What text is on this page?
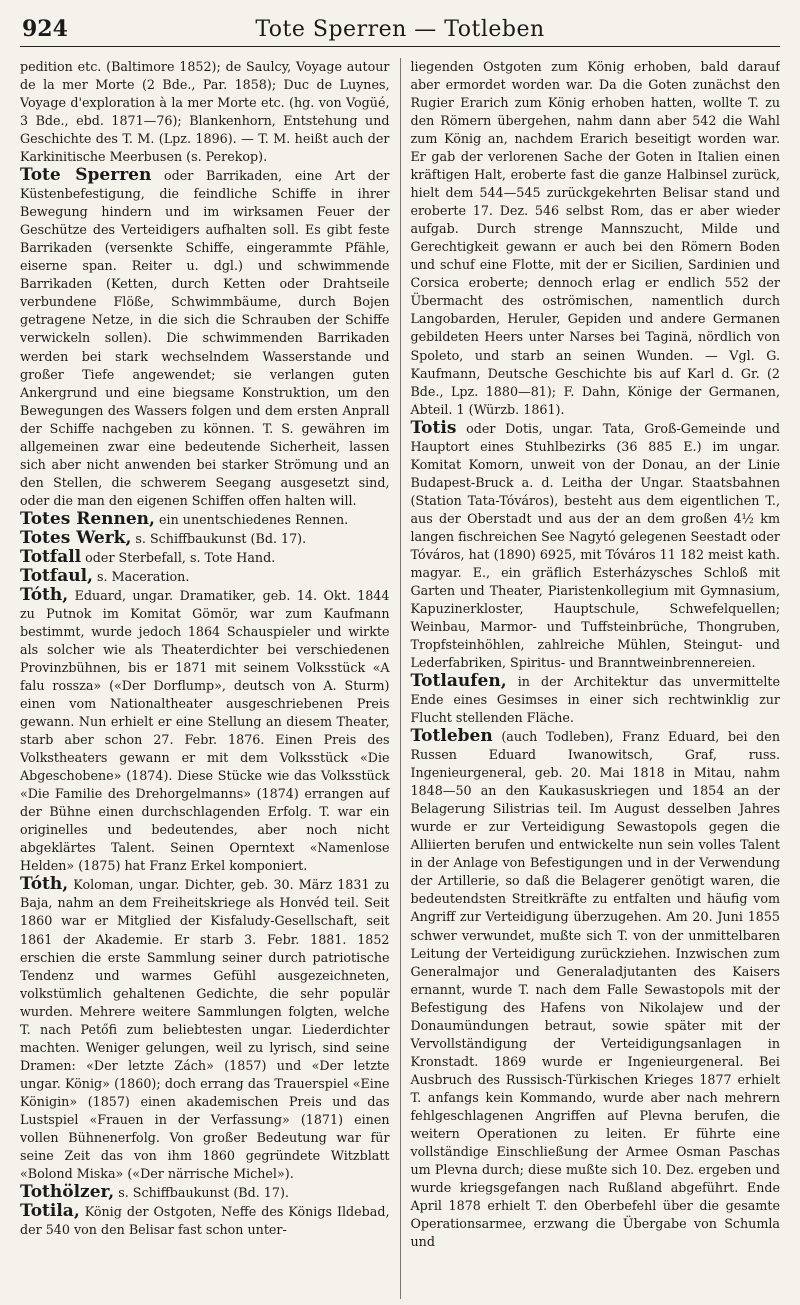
924	Tote Sperren — Totleben

pedition etc. (Baltimore 1852); de Saulcy, Voyage autour de la mer Morte (2 Bde., Par. 1858); Duc de Luynes, Voyage d'exploration à la mer Morte etc. (hg. von Vogüé, 3 Bde., ebd. 1871—76); Blankenhorn, Entstehung und Geschichte des T. M. (Lpz. 1896). — T. M. heißt auch der Karkinitische Meerbusen (s. Perekop).

Tote Sperren oder Barrikaden, eine Art der Küstenbefestigung, die feindliche Schiffe in ihrer Bewegung hindern und im wirksamen Feuer der Geschütze des Verteidigers aufhalten soll. Es gibt feste Barrikaden (versenkte Schiffe, eingerammte Pfähle, eiserne span. Reiter u. dgl.) und schwimmende Barrikaden (Ketten, durch Ketten oder Drahtseile verbundene Flöße, Schwimmbäume, durch Bojen getragene Netze, in die sich die Schrauben der Schiffe verwickeln sollen). Die schwimmenden Barrikaden werden bei stark wechselndem Wasserstande und großer Tiefe angewendet; sie verlangen guten Ankergrund und eine biegsame Konstruktion, um den Bewegungen des Wassers folgen und dem ersten Anprall der Schiffe nachgeben zu können. T. S. gewähren im allgemeinen zwar eine bedeutende Sicherheit, lassen sich aber nicht anwenden bei starker Strömung und an den Stellen, die schwerem Seegang ausgesetzt sind, oder die man den eigenen Schiffen offen halten will.

Totes Rennen, ein unentschiedenes Rennen.

Totes Werk, s. Schiffbaukunst (Bd. 17).

Totfall oder Sterbefall, s. Tote Hand.

Totfaul, s. Maceration.

Tóth, Eduard, ungar. Dramatiker, geb. 14. Okt. 1844 zu Putnok im Komitat Gömör, war zum Kaufmann bestimmt, wurde jedoch 1864 Schauspieler und wirkte als solcher wie als Theaterdichter bei verschiedenen Provinzbühnen, bis er 1871 mit seinem Volksstück «A falu rossza» («Der Dorflump», deutsch von A. Sturm) einen vom Nationaltheater ausgeschriebenen Preis gewann. Nun erhielt er eine Stellung an diesem Theater, starb aber schon 27. Febr. 1876. Einen Preis des Volkstheaters gewann er mit dem Volksstück «Die Abgeschobene» (1874). Diese Stücke wie das Volksstück «Die Familie des Drehorgelmanns» (1874) errangen auf der Bühne einen durchschlagenden Erfolg. T. war ein originelles und bedeutendes, aber noch nicht abgeklärtes Talent. Seinen Operntext «Namenlose Helden» (1875) hat Franz Erkel komponiert.

Tóth, Koloman, ungar. Dichter, geb. 30. März 1831 zu Baja, nahm an dem Freiheitskriege als Honvéd teil. Seit 1860 war er Mitglied der Kisfaludy-Gesellschaft, seit 1861 der Akademie. Er starb 3. Febr. 1881. 1852 erschien die erste Sammlung seiner durch patriotische Tendenz und warmes Gefühl ausgezeichneten, volkstümlich gehaltenen Gedichte, die sehr populär wurden. Mehrere weitere Sammlungen folgten, welche T. nach Petőfi zum beliebtesten ungar. Liederdichter machten. Weniger gelungen, weil zu lyrisch, sind seine Dramen: «Der letzte Zách» (1857) und «Der letzte ungar. König» (1860); doch errang das Trauerspiel «Eine Königin» (1857) einen akademischen Preis und das Lustspiel «Frauen in der Verfassung» (1871) einen vollen Bühnenerfolg. Von großer Bedeutung war für seine Zeit das von ihm 1860 gegründete Witzblatt «Bolond Miska» («Der närrische Michel»).

Tothölzer, s. Schiffbaukunst (Bd. 17).

Totila, König der Ostgoten, Neffe des Königs Ildebad, der 540 von den Belisar fast schon unter-

liegenden Ostgoten zum König erhoben, bald darauf aber ermordet worden war. Da die Goten zunächst den Rugier Erarich zum König erhoben hatten, wollte T. zu den Römern übergehen, nahm dann aber 542 die Wahl zum König an, nachdem Erarich beseitigt worden war. Er gab der verlorenen Sache der Goten in Italien einen kräftigen Halt, eroberte fast die ganze Halbinsel zurück, hielt dem 544—545 zurückgekehrten Belisar stand und eroberte 17. Dez. 546 selbst Rom, das er aber wieder aufgab. Durch strenge Mannszucht, Milde und Gerechtigkeit gewann er auch bei den Römern Boden und schuf eine Flotte, mit der er Sicilien, Sardinien und Corsica eroberte; dennoch erlag er endlich 552 der Übermacht des oströmischen, namentlich durch Langobarden, Heruler, Gepiden und andere Germanen gebildeten Heers unter Narses bei Taginä, nördlich von Spoleto, und starb an seinen Wunden. — Vgl. G. Kaufmann, Deutsche Geschichte bis auf Karl d. Gr. (2 Bde., Lpz. 1880—81); F. Dahn, Könige der Germanen, Abteil. 1 (Würzb. 1861).

Totis oder Dotis, ungar. Tata, Groß-Gemeinde und Hauptort eines Stuhlbezirks (36 885 E.) im ungar. Komitat Komorn, unweit von der Donau, an der Linie Budapest-Bruck a. d. Leitha der Ungar. Staatsbahnen (Station Tata-Tóváros), besteht aus dem eigentlichen T., aus der Oberstadt und aus der an dem großen 4½ km langen fischreichen See Nagytó gelegenen Seestadt oder Tóváros, hat (1890) 6925, mit Tóváros 11 182 meist kath. magyar. E., ein gräflich Esterházysches Schloß mit Garten und Theater, Piaristenkollegium mit Gymnasium, Kapuzinerkloster, Hauptschule, Schwefelquellen; Weinbau, Marmor- und Tuffsteinbrüche, Thongruben, Tropfsteinhöhlen, zahlreiche Mühlen, Steingut- und Lederfabriken, Spiritus- und Branntweinbrennereien.

Totlaufen, in der Architektur das unvermittelte Ende eines Gesimses in einer sich rechtwinklig zur Flucht stellenden Fläche.

Totleben (auch Todleben), Franz Eduard, bei den Russen Eduard Iwanowitsch, Graf, russ. Ingenieurgeneral, geb. 20. Mai 1818 in Mitau, nahm 1848—50 an den Kaukasuskriegen und 1854 an der Belagerung Silistrias teil. Im August desselben Jahres wurde er zur Verteidigung Sewastopols gegen die Alliierten berufen und entwickelte nun sein volles Talent in der Anlage von Befestigungen und in der Verwendung der Artillerie, so daß die Belagerer genötigt waren, die bedeutendsten Streitkräfte zu entfalten und häufig vom Angriff zur Verteidigung überzugehen. Am 20. Juni 1855 schwer verwundet, mußte sich T. von der unmittelbaren Leitung der Verteidigung zurückziehen. Inzwischen zum Generalmajor und Generaladjutanten des Kaisers ernannt, wurde T. nach dem Falle Sewastopols mit der Befestigung des Hafens von Nikolajew und der Donaumündungen betraut, sowie später mit der Vervollständigung der Verteidigungsanlagen in Kronstadt. 1869 wurde er Ingenieurgeneral. Bei Ausbruch des Russisch-Türkischen Krieges 1877 erhielt T. anfangs kein Kommando, wurde aber nach mehrern fehlgeschlagenen Angriffen auf Plevna berufen, die weitern Operationen zu leiten. Er führte eine vollständige Einschließung der Armee Osman Paschas um Plevna durch; diese mußte sich 10. Dez. ergeben und wurde kriegsgefangen nach Rußland abgeführt. Ende April 1878 erhielt T. den Oberbefehl über die gesamte Operationsarmee, erzwang die Übergabe von Schumla und
